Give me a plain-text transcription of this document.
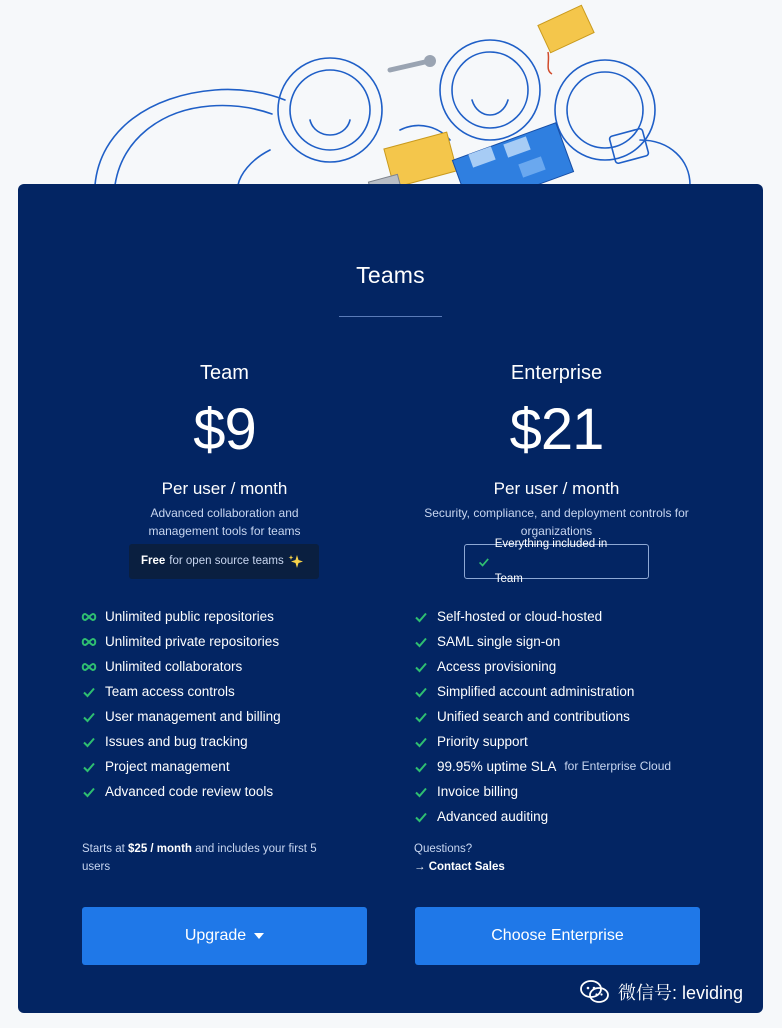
Teams
Team
$9
Per user / month
Advanced collaboration and management tools for teams
Free for open source teams
Unlimited public repositories
Unlimited private repositories
Unlimited collaborators
Team access controls
User management and billing
Issues and bug tracking
Project management
Advanced code review tools
Starts at $25 / month and includes your first 5 users
Upgrade
Enterprise
$21
Per user / month
Security, compliance, and deployment controls for organizations
Everything included in Team
Self-hosted or cloud-hosted
SAML single sign-on
Access provisioning
Simplified account administration
Unified search and contributions
Priority support
99.95% uptime SLA for Enterprise Cloud
Invoice billing
Advanced auditing
Questions?
→ Contact Sales
Choose Enterprise
微信号: leviding
